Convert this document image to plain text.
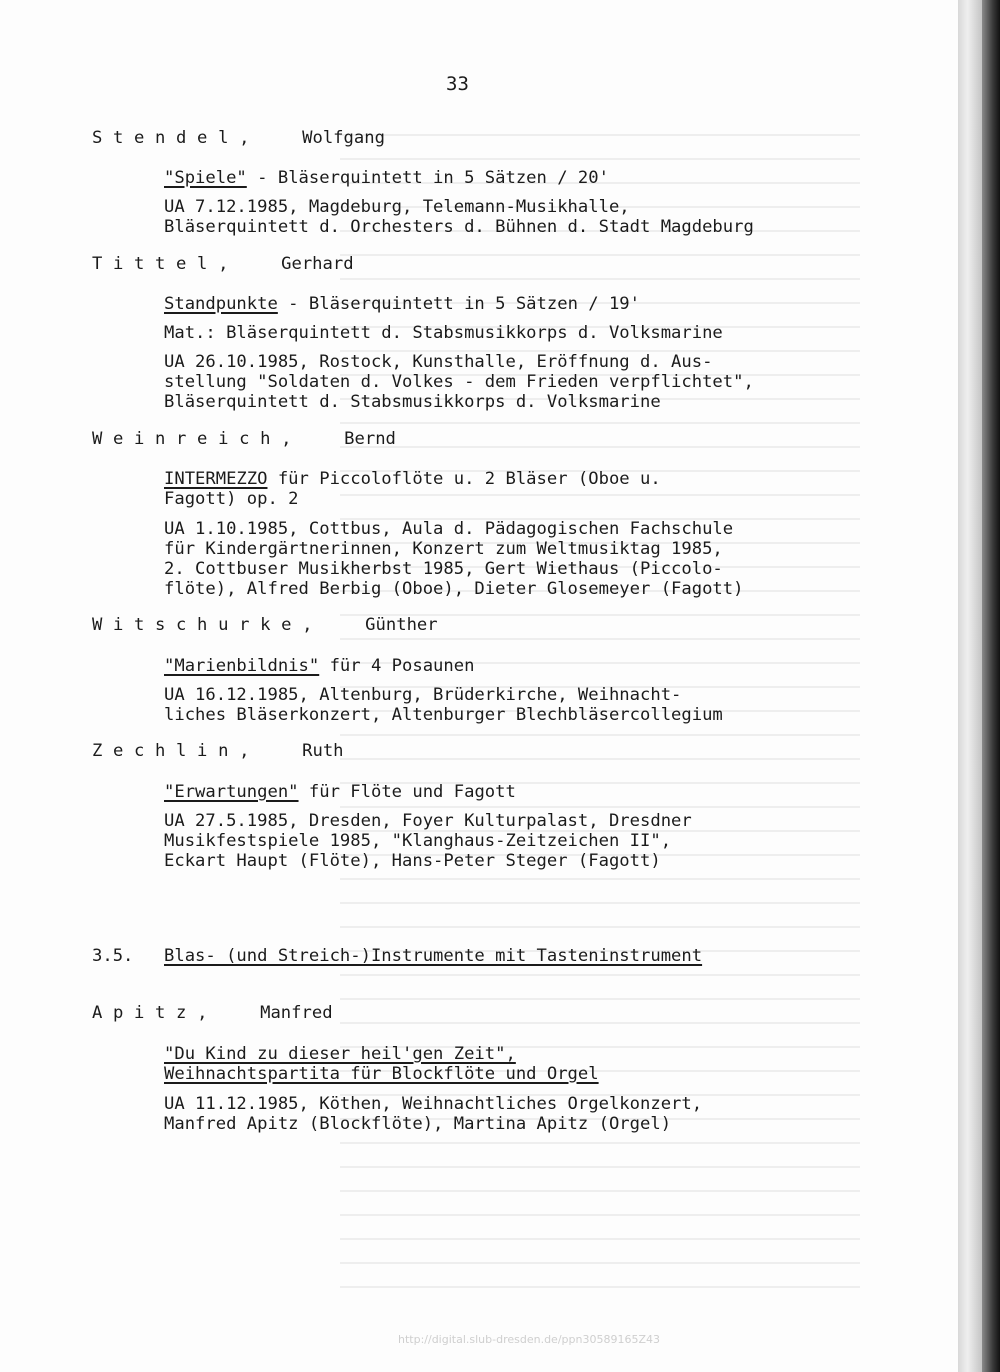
33
Stendel,  Wolfgang
"Spiele" - Bläserquintett in 5 Sätzen / 20'
UA 7.12.1985, Magdeburg, Telemann-Musikhalle,
Bläserquintett d. Orchesters d. Bühnen d. Stadt Magdeburg
Tittel,  Gerhard
Standpunkte - Bläserquintett in 5 Sätzen / 19'
Mat.: Bläserquintett d. Stabsmusikkorps d. Volksmarine
UA 26.10.1985, Rostock, Kunsthalle, Eröffnung d. Aus-
stellung "Soldaten d. Volkes - dem Frieden verpflichtet",
Bläserquintett d. Stabsmusikkorps d. Volksmarine
Weinreich,  Bernd
INTERMEZZO für Piccoloflöte u. 2 Bläser (Oboe u.
Fagott) op. 2
UA 1.10.1985, Cottbus, Aula d. Pädagogischen Fachschule
für Kindergärtnerinnen, Konzert zum Weltmusiktag 1985,
2. Cottbuser Musikherbst 1985, Gert Wiethaus (Piccolo-
flöte), Alfred Berbig (Oboe), Dieter Glosemeyer (Fagott)
Witschurke,  Günther
"Marienbildnis" für 4 Posaunen
UA 16.12.1985, Altenburg, Brüderkirche, Weihnacht-
liches Bläserkonzert, Altenburger Blechbläsercollegium
Zechlin,  Ruth
"Erwartungen" für Flöte und Fagott
UA 27.5.1985, Dresden, Foyer Kulturpalast, Dresdner
Musikfestspiele 1985, "Klanghaus-Zeitzeichen II",
Eckart Haupt (Flöte), Hans-Peter Steger (Fagott)
3.5. Blas- (und Streich-)Instrumente mit Tasteninstrument
Apitz,  Manfred
"Du Kind zu dieser heil'gen Zeit",
Weihnachtspartita für Blockflöte und Orgel
UA 11.12.1985, Köthen, Weihnachtliches Orgelkonzert,
Manfred Apitz (Blockflöte), Martina Apitz (Orgel)
http://digital.slub-dresden.de/ppn30589165Z43
